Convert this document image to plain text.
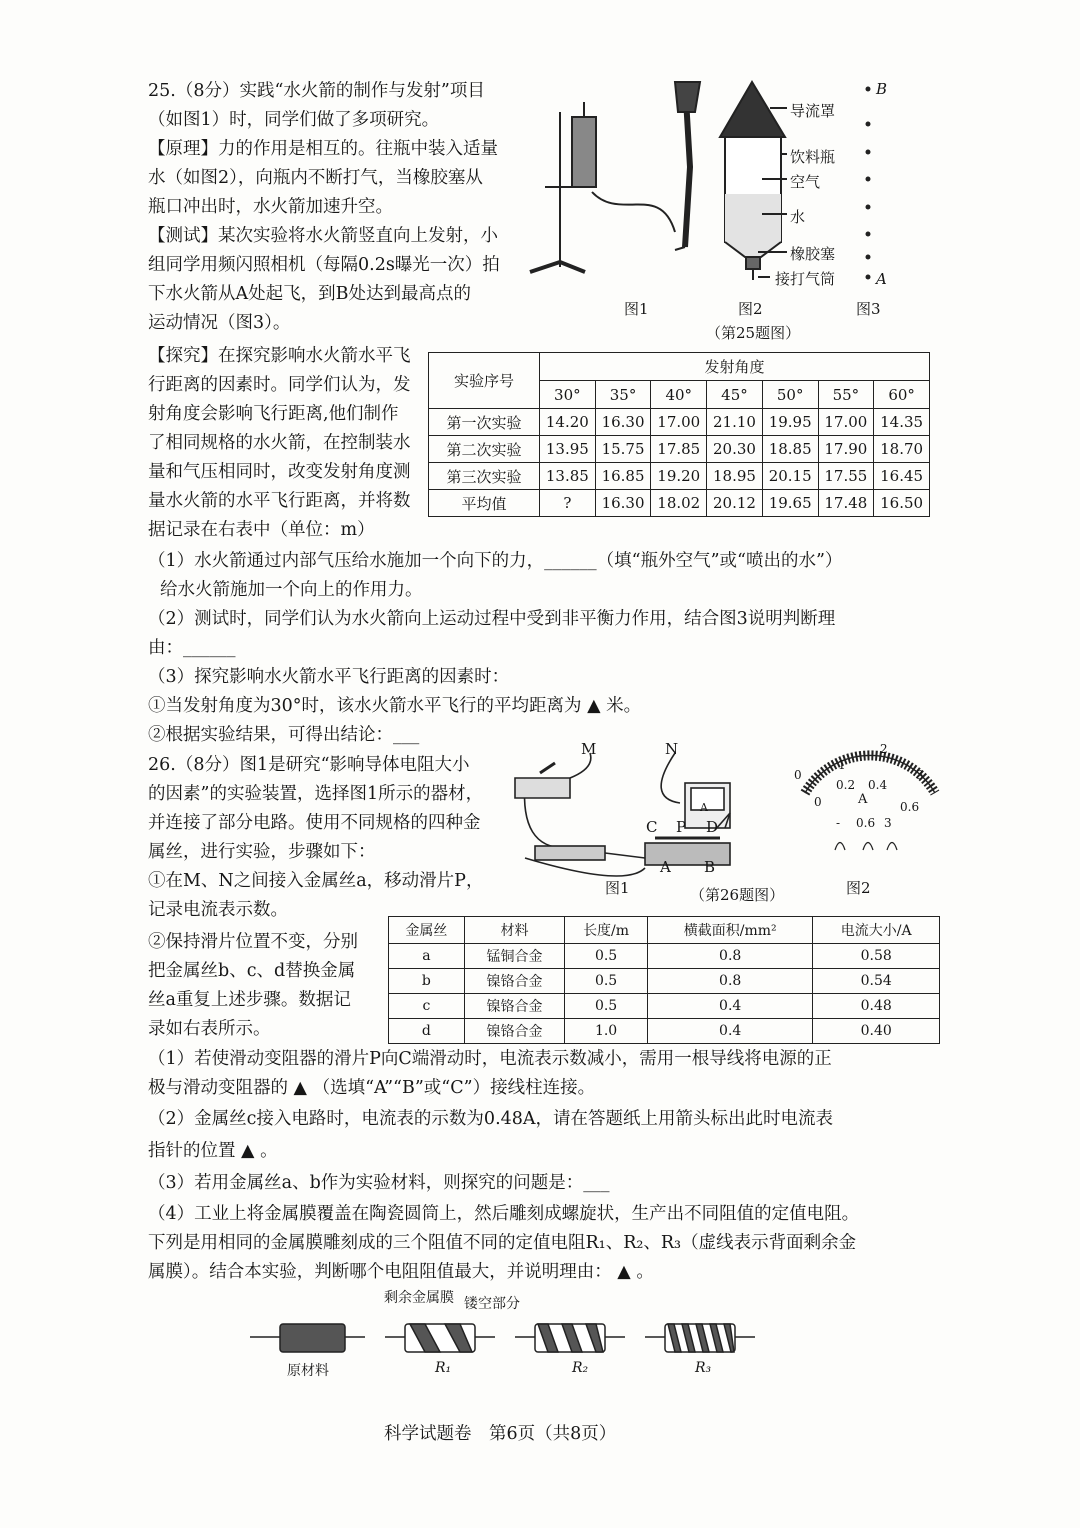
25.（8分）实践“水火箭的制作与发射”项目
（如图1）时，同学们做了多项研究。
【原理】力的作用是相互的。往瓶中装入适量
水（如图2），向瓶内不断打气，当橡胶塞从
瓶口冲出时，水火箭加速升空。
【测试】某次实验将水火箭竖直向上发射，小
组同学用频闪照相机（每隔0.2s曝光一次）拍
下水火箭从A处起飞，到B处达到最高点的
运动情况（图3）。
【探究】在探究影响水火箭水平飞
行距离的因素时。同学们认为，发
射角度会影响飞行距离,他们制作
了相同规格的水火箭，在控制装水
量和气压相同时，改变发射角度测
量水火箭的水平飞行距离，并将数
据记录在右表中（单位：m）
导流罩
饮料瓶
空气
水
橡胶塞
接打气筒
B
A
图1	图2	图3
（第25题图）
实验序号	发射角度						
	30°	35°	40°	45°	50°	55°	60°
第一次实验	14.20	16.30	17.00	21.10	19.95	17.00	14.35
第二次实验	13.95	15.75	17.85	20.30	18.85	17.90	18.70
第三次实验	13.85	16.85	19.20	18.95	20.15	17.55	16.45
平均值	?	16.30	18.02	20.12	19.65	17.48	16.50
（1）水火箭通过内部气压给水施加一个向下的力，______（填“瓶外空气”或“喷出的水”）
给水火箭施加一个向上的作用力。
（2）测试时，同学们认为水火箭向上运动过程中受到非平衡力作用，结合图3说明判断理
由：______
（3）探究影响水火箭水平飞行距离的因素时：
①当发射角度为30°时，该水火箭水平飞行的平均距离为 ▲ 米。
②根据实验结果，可得出结论：___
26.（8分）图1是研究“影响导体电阻大小
的因素”的实验装置，选择图1所示的器材，
并连接了部分电路。使用不同规格的四种金
属丝，进行实验，步骤如下：
①在M、N之间接入金属丝a，移动滑片P，
记录电流表示数。
②保持滑片位置不变，分别
把金属丝b、c、d替换金属
丝a重复上述步骤。数据记
录如右表所示。
M	N
C P D
A B
A
图1	（第26题图）	图2
0
0.2 0.4
0.6
0
2
1
3
A
- 0.6 3
金属丝	材料	长度/m	横截面积/mm²	电流大小/A
a	锰铜合金	0.5	0.8	0.58
b	镍铬合金	0.5	0.8	0.54
c	镍铬合金	0.5	0.4	0.48
d	镍铬合金	1.0	0.4	0.40
（1）若使滑动变阻器的滑片P向C端滑动时，电流表示数减小，需用一根导线将电源的正
极与滑动变阻器的 ▲ （选填“A”“B”或“C”）接线柱连接。
（2）金属丝c接入电路时，电流表的示数为0.48A，请在答题纸上用箭头标出此时电流表
指针的位置 ▲ 。
（3）若用金属丝a、b作为实验材料，则探究的问题是：___
（4）工业上将金属膜覆盖在陶瓷圆筒上，然后雕刻成螺旋状，生产出不同阻值的定值电阻。
下列是用相同的金属膜雕刻成的三个阻值不同的定值电阻R₁、R₂、R₃（虚线表示背面剩余金
属膜）。结合本实验，判断哪个电阻阻值最大，并说明理由： ▲ 。
剩余金属膜 镂空部分
原材料	R₁	R₂	R₃
科学试题卷　第6页（共8页）
